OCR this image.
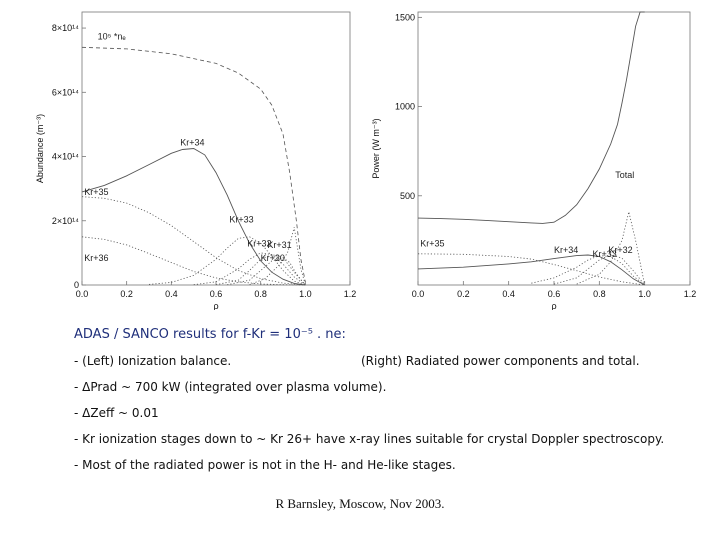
0.0	0.2	0.4	0.6	0.8	1.0	1.2
0
2×10¹⁴
4×10¹⁴
6×10¹⁴
8×10¹⁴
ρ
Abundance (m⁻³)
10⁵ *nₑ
Kr+34
Kr+35
Kr+33
Kr+32
Kr+31
Kr+30
Kr+36
0.0	0.2	0.4	0.6	0.8	1.0	1.2
500
1000
1500
ρ
Power (W m⁻³)	Total
Kr+35
Kr+34 Kr+33
Kr+32
ADAS / SANCO results for f-Kr = 10⁻⁵ . ne:
- (Left) Ionization balance.	(Right) Radiated power components and total.
- ΔPrad ~ 700 kW (integrated over plasma volume).
- ΔZeff ~ 0.01
- Kr ionization stages down to ~ Kr 26+ have x-ray lines suitable for crystal Doppler spectroscopy.
- Most of the radiated power is not in the H- and He-like stages.
R Barnsley, Moscow, Nov 2003.
